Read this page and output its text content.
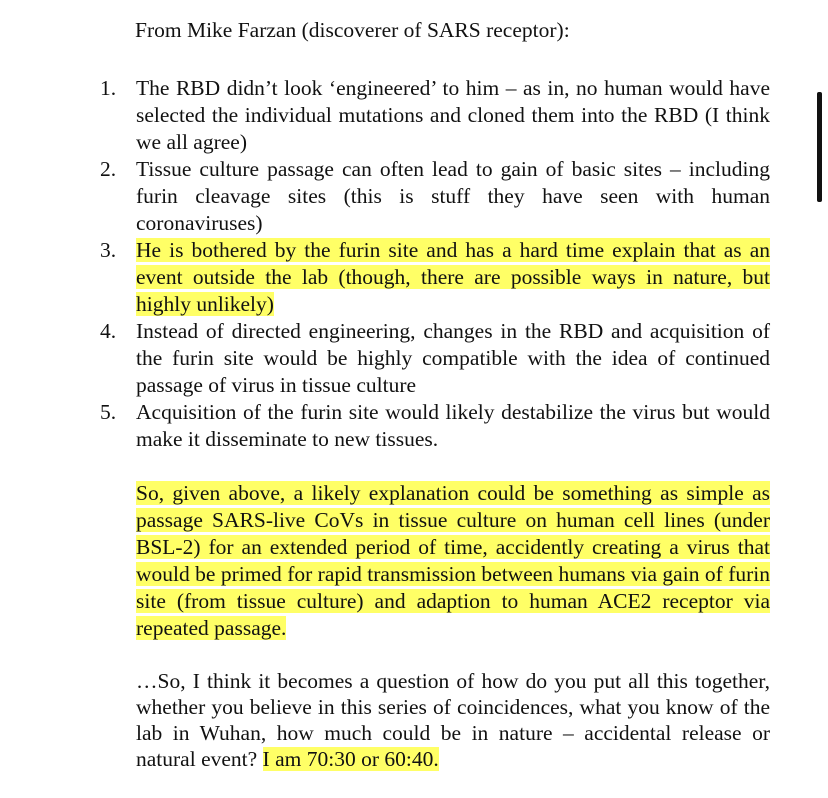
From Mike Farzan (discoverer of SARS receptor):
1. The RBD didn’t look ‘engineered’ to him – as in, no human would have selected the individual mutations and cloned them into the RBD (I think we all agree)
2. Tissue culture passage can often lead to gain of basic sites – including furin cleavage sites (this is stuff they have seen with human coronaviruses)
3. He is bothered by the furin site and has a hard time explain that as an event outside the lab (though, there are possible ways in nature, but highly unlikely)
4. Instead of directed engineering, changes in the RBD and acquisition of the furin site would be highly compatible with the idea of continued passage of virus in tissue culture
5. Acquisition of the furin site would likely destabilize the virus but would make it disseminate to new tissues.

So, given above, a likely explanation could be something as simple as passage SARS-live CoVs in tissue culture on human cell lines (under BSL-2) for an extended period of time, accidently creating a virus that would be primed for rapid transmission between humans via gain of furin site (from tissue culture) and adaption to human ACE2 receptor via repeated passage.

…So, I think it becomes a question of how do you put all this together, whether you believe in this series of coincidences, what you know of the lab in Wuhan, how much could be in nature – accidental release or natural event? I am 70:30 or 60:40.
